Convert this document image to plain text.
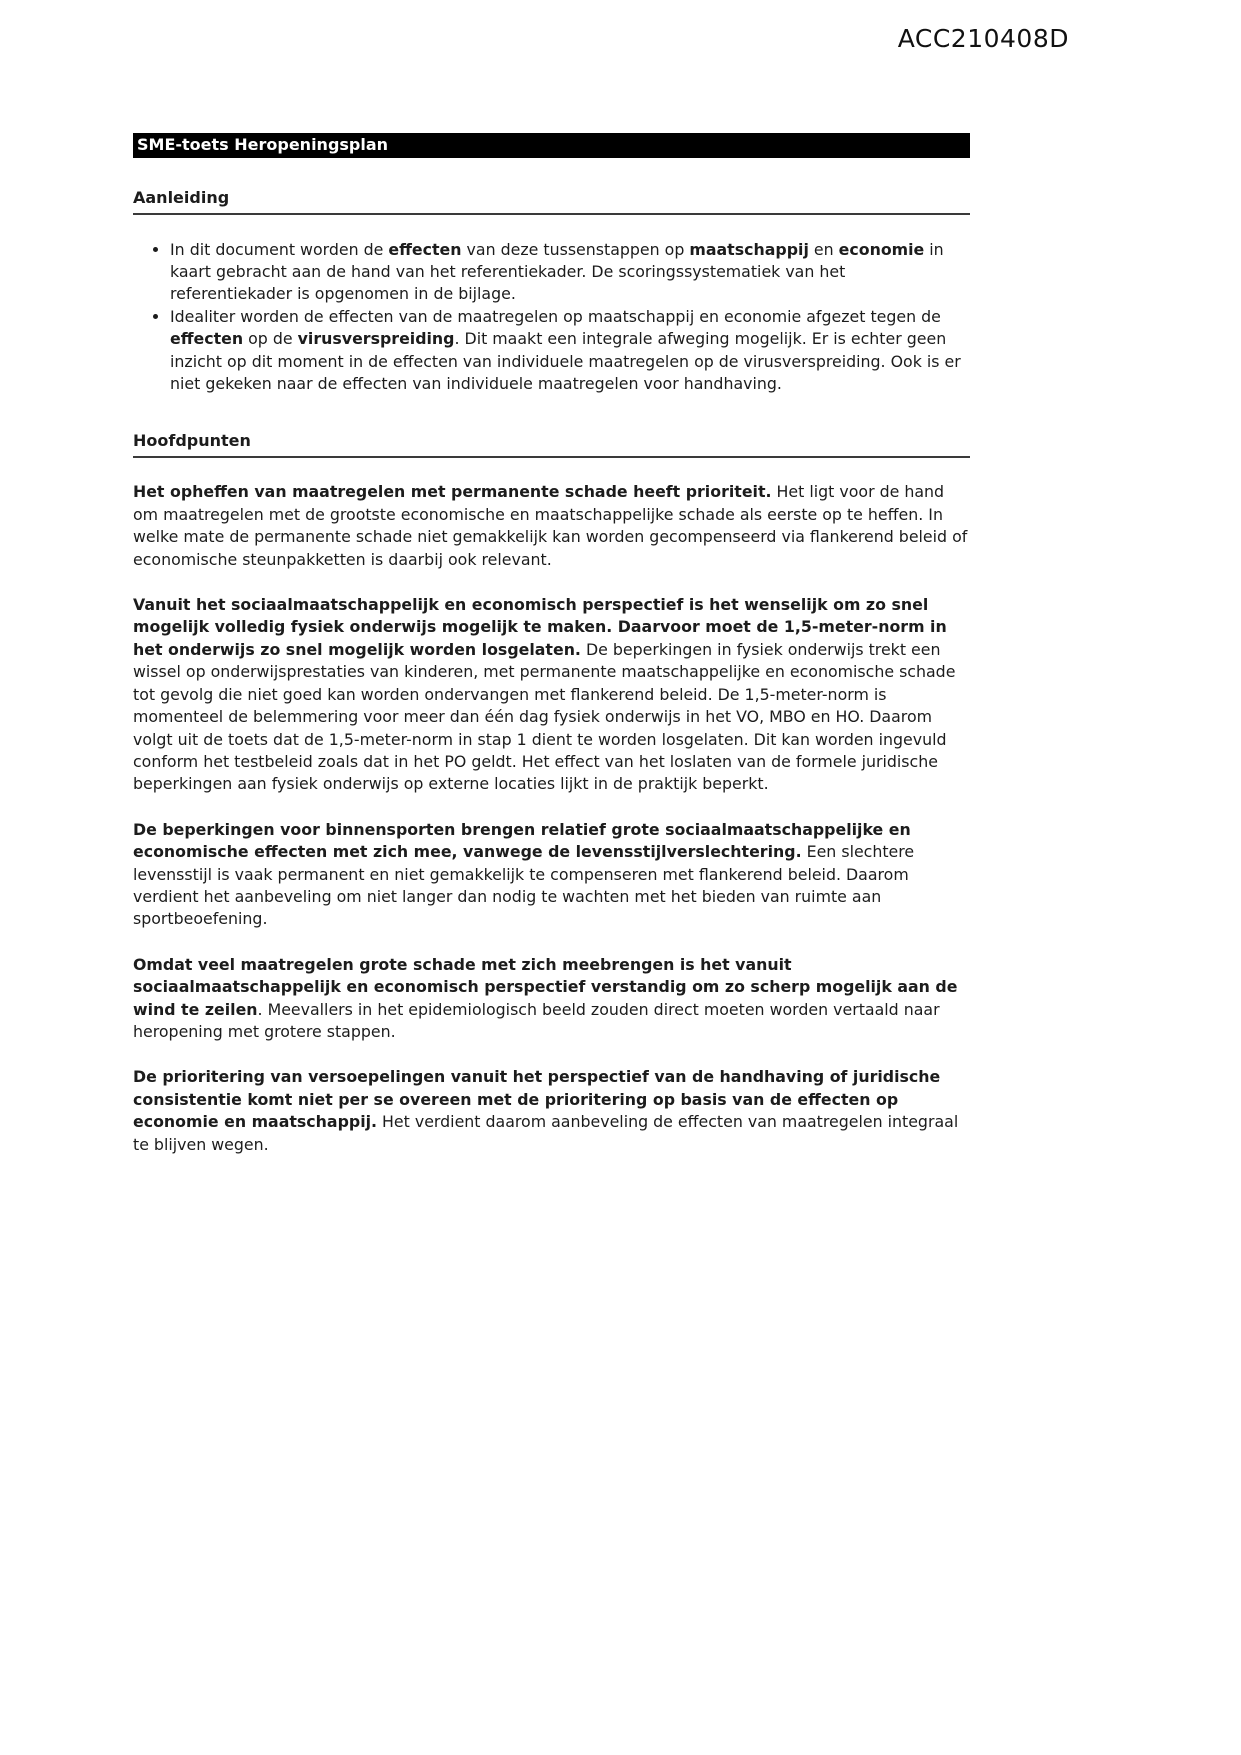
ACC210408D
SME-toets Heropeningsplan
Aanleiding
• In dit document worden de effecten van deze tussenstappen op maatschappij en economie in kaart gebracht aan de hand van het referentiekader. De scoringssystematiek van het referentiekader is opgenomen in de bijlage.
• Idealiter worden de effecten van de maatregelen op maatschappij en economie afgezet tegen de effecten op de virusverspreiding. Dit maakt een integrale afweging mogelijk. Er is echter geen inzicht op dit moment in de effecten van individuele maatregelen op de virusverspreiding. Ook is er niet gekeken naar de effecten van individuele maatregelen voor handhaving.
Hoofdpunten

Het opheffen van maatregelen met permanente schade heeft prioriteit. Het ligt voor de hand om maatregelen met de grootste economische en maatschappelijke schade als eerste op te heffen. In welke mate de permanente schade niet gemakkelijk kan worden gecompenseerd via flankerend beleid of economische steunpakketten is daarbij ook relevant.

Vanuit het sociaalmaatschappelijk en economisch perspectief is het wenselijk om zo snel mogelijk volledig fysiek onderwijs mogelijk te maken. Daarvoor moet de 1,5-meter-norm in het onderwijs zo snel mogelijk worden losgelaten. De beperkingen in fysiek onderwijs trekt een wissel op onderwijsprestaties van kinderen, met permanente maatschappelijke en economische schade tot gevolg die niet goed kan worden ondervangen met flankerend beleid. De 1,5-meter-norm is momenteel de belemmering voor meer dan één dag fysiek onderwijs in het VO, MBO en HO. Daarom volgt uit de toets dat de 1,5-meter-norm in stap 1 dient te worden losgelaten. Dit kan worden ingevuld conform het testbeleid zoals dat in het PO geldt. Het effect van het loslaten van de formele juridische beperkingen aan fysiek onderwijs op externe locaties lijkt in de praktijk beperkt.

De beperkingen voor binnensporten brengen relatief grote sociaalmaatschappelijke en economische effecten met zich mee, vanwege de levensstijlverslechtering. Een slechtere levensstijl is vaak permanent en niet gemakkelijk te compenseren met flankerend beleid. Daarom verdient het aanbeveling om niet langer dan nodig te wachten met het bieden van ruimte aan sportbeoefening.

Omdat veel maatregelen grote schade met zich meebrengen is het vanuit sociaalmaatschappelijk en economisch perspectief verstandig om zo scherp mogelijk aan de wind te zeilen. Meevallers in het epidemiologisch beeld zouden direct moeten worden vertaald naar heropening met grotere stappen.

De prioritering van versoepelingen vanuit het perspectief van de handhaving of juridische consistentie komt niet per se overeen met de prioritering op basis van de effecten op economie en maatschappij. Het verdient daarom aanbeveling de effecten van maatregelen integraal te blijven wegen.
